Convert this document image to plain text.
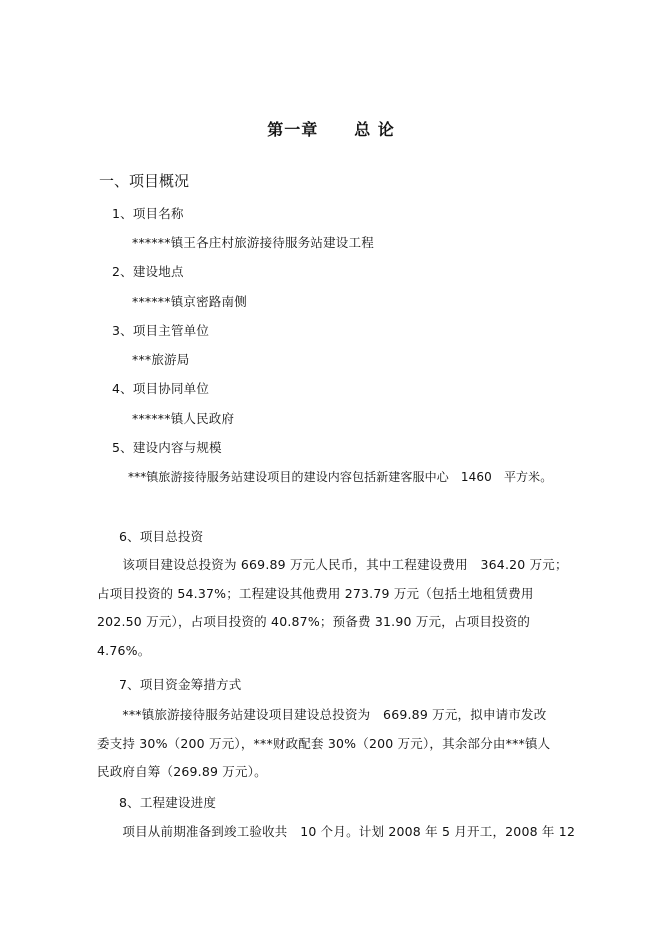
第一章 总 论
一、项目概况
1、项目名称
******镇王各庄村旅游接待服务站建设工程
2、建设地点
******镇京密路南侧
3、项目主管单位
***旅游局
4、项目协同单位
******镇人民政府
5、建设内容与规模
***镇旅游接待服务站建设项目的建设内容包括新建客服中心　1460　平方米。
6、项目总投资

　　该项目建设总投资为 669.89 万元人民币，其中工程建设费用　364.20 万元；

占项目投资的 54.37%；工程建设其他费用 273.79 万元（包括土地租赁费用

202.50 万元），占项目投资的 40.87%；预备费 31.90 万元，占项目投资的

4.76%。

7、项目资金筹措方式

　　***镇旅游接待服务站建设项目建设总投资为　669.89 万元，拟申请市发改

委支持 30%（200 万元），***财政配套 30%（200 万元），其余部分由***镇人

民政府自筹（269.89 万元）。

8、工程建设进度

　　项目从前期准备到竣工验收共　10 个月。计划 2008 年 5 月开工，2008 年 12
